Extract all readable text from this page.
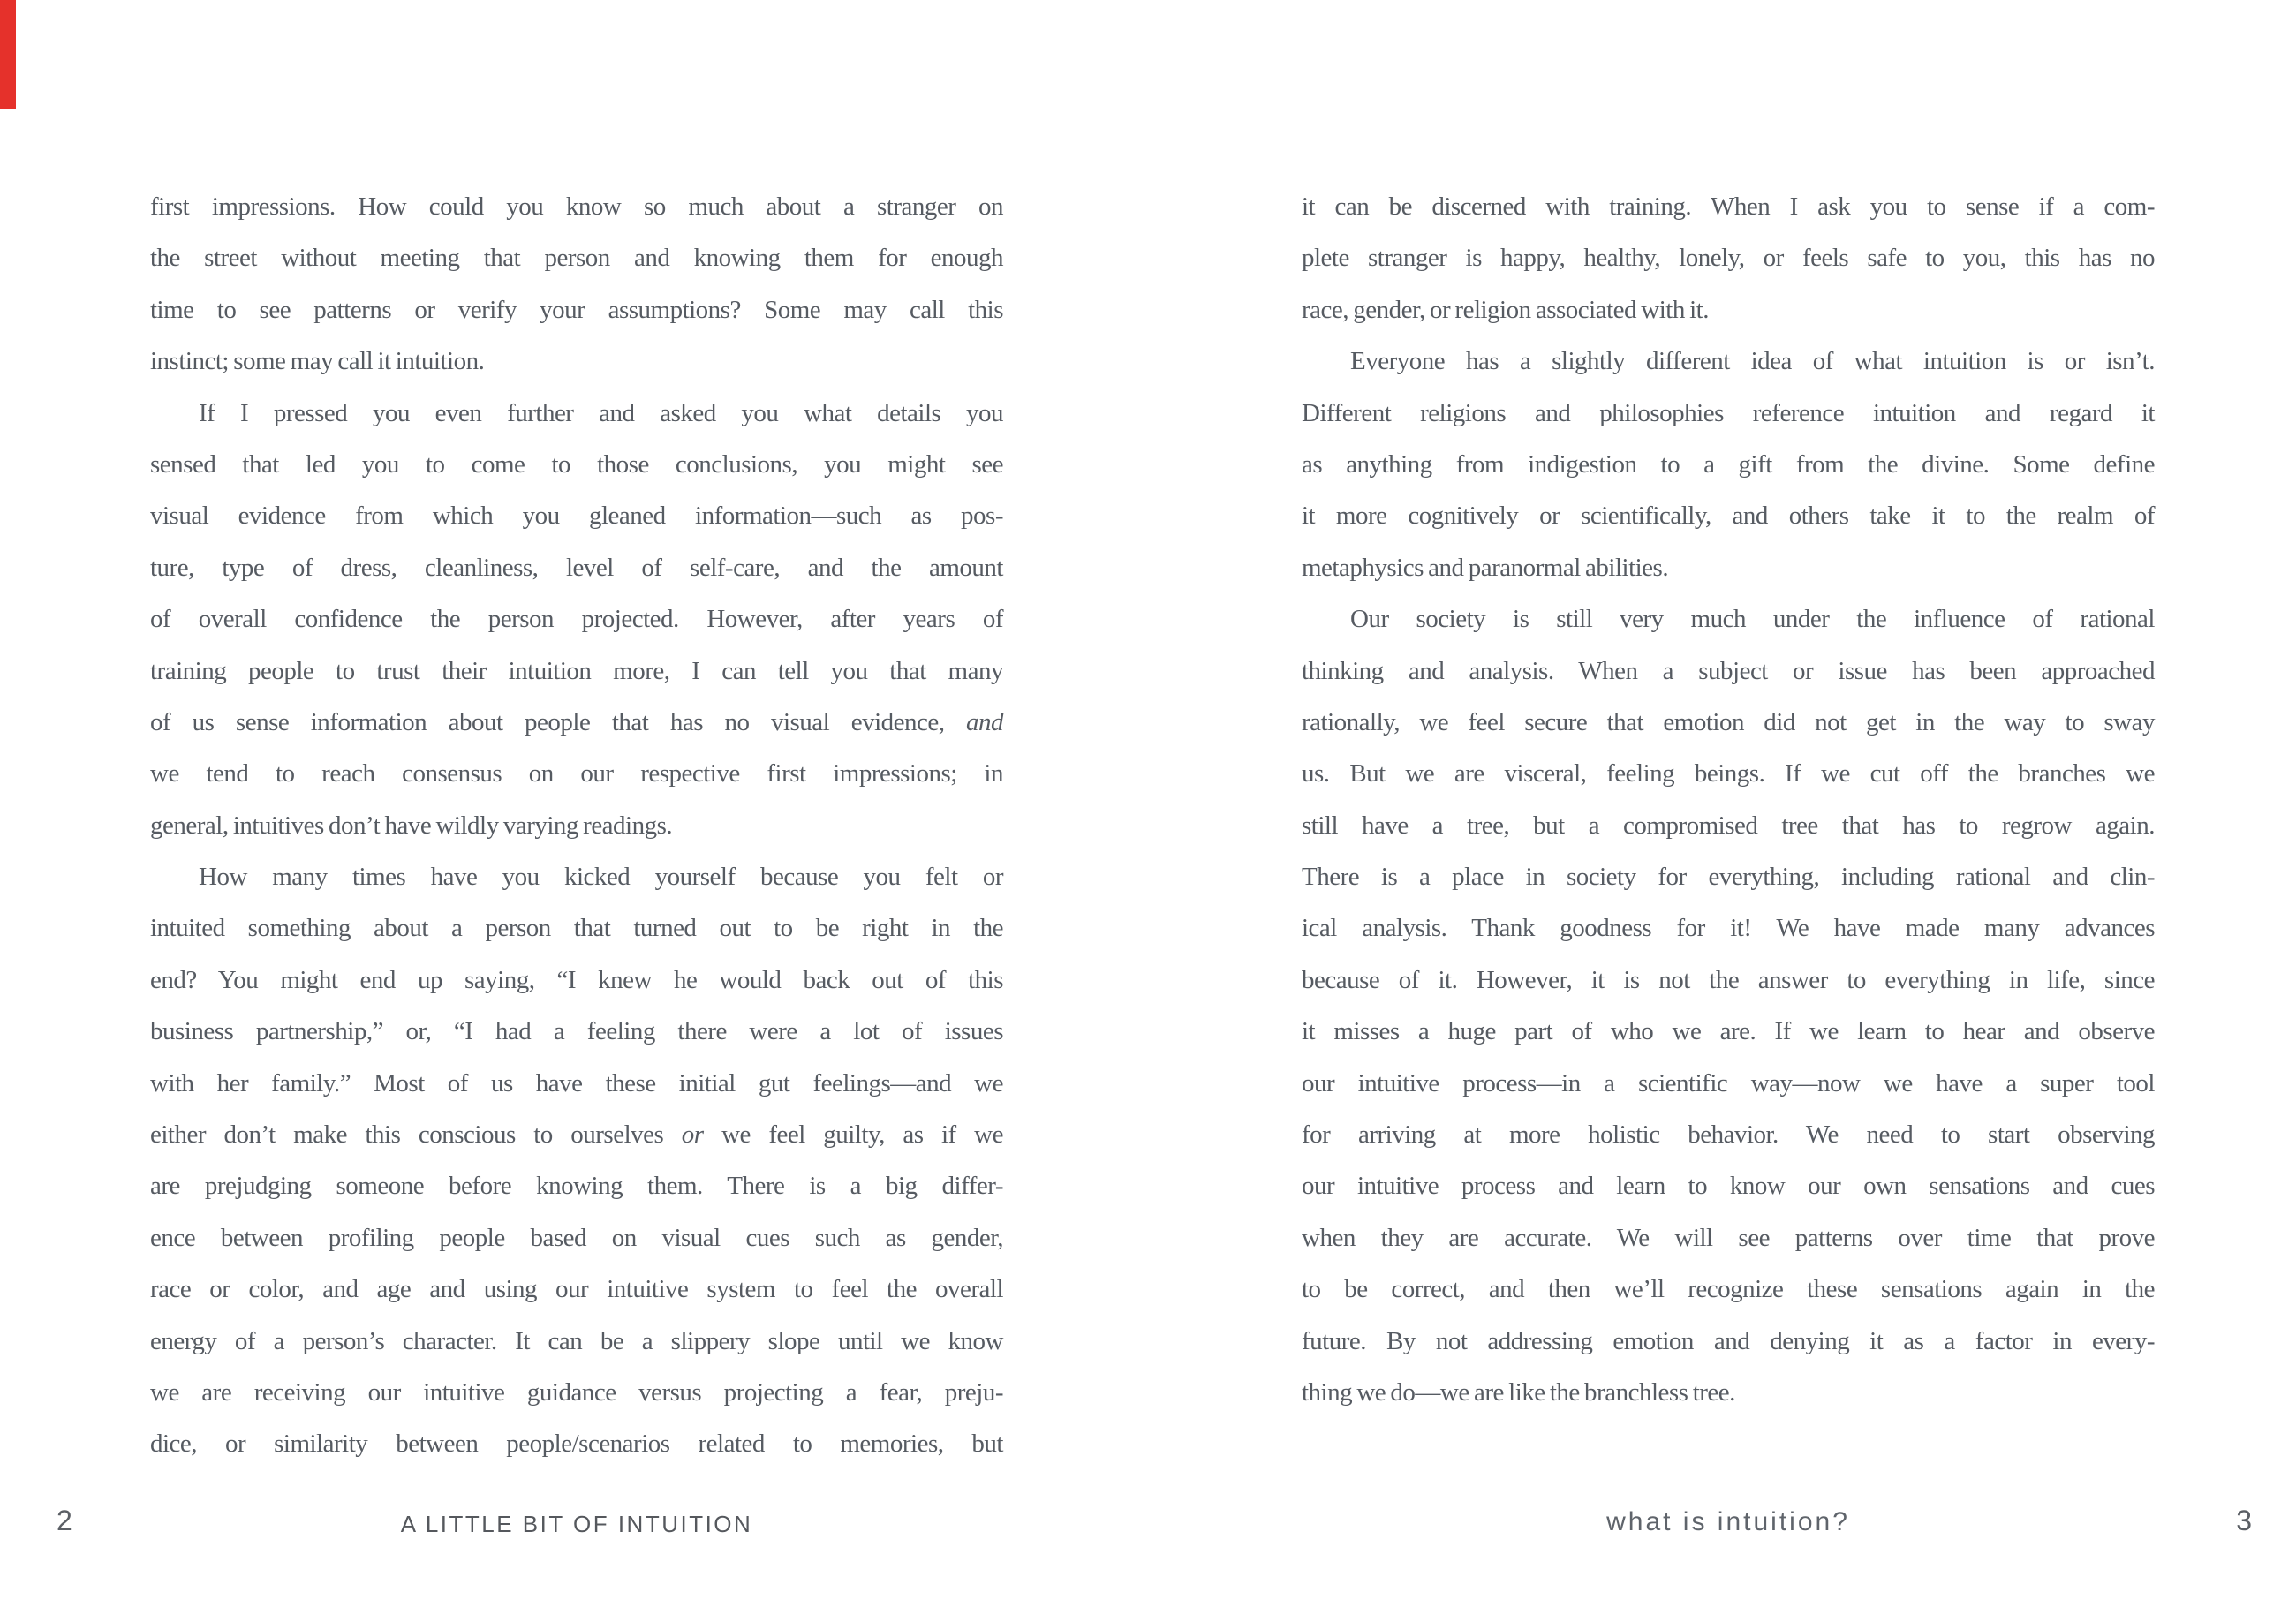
first impressions. How could you know so much about a stranger on
the street without meeting that person and knowing them for enough
time to see patterns or verify your assumptions? Some may call this
instinct; some may call it intuition.
If I pressed you even further and asked you what details you
sensed that led you to come to those conclusions, you might see
visual evidence from which you gleaned information—such as pos-
ture, type of dress, cleanliness, level of self-care, and the amount
of overall confidence the person projected. However, after years of
training people to trust their intuition more, I can tell you that many
of us sense information about people that has no visual evidence, and
we tend to reach consensus on our respective first impressions; in
general, intuitives don’t have wildly varying readings.
How many times have you kicked yourself because you felt or
intuited something about a person that turned out to be right in the
end? You might end up saying, “I knew he would back out of this
business partnership,” or, “I had a feeling there were a lot of issues
with her family.” Most of us have these initial gut feelings—and we
either don’t make this conscious to ourselves or we feel guilty, as if we
are prejudging someone before knowing them. There is a big differ-
ence between profiling people based on visual cues such as gender,
race or color, and age and using our intuitive system to feel the overall
energy of a person’s character. It can be a slippery slope until we know
we are receiving our intuitive guidance versus projecting a fear, preju-
dice, or similarity between people/scenarios related to memories, but
2	A LITTLE BIT OF INTUITION
it can be discerned with training. When I ask you to sense if a com-
plete stranger is happy, healthy, lonely, or feels safe to you, this has no
race, gender, or religion associated with it.
Everyone has a slightly different idea of what intuition is or isn’t.
Different religions and philosophies reference intuition and regard it
as anything from indigestion to a gift from the divine. Some define
it more cognitively or scientifically, and others take it to the realm of
metaphysics and paranormal abilities.
Our society is still very much under the influence of rational
thinking and analysis. When a subject or issue has been approached
rationally, we feel secure that emotion did not get in the way to sway
us. But we are visceral, feeling beings. If we cut off the branches we
still have a tree, but a compromised tree that has to regrow again.
There is a place in society for everything, including rational and clin-
ical analysis. Thank goodness for it! We have made many advances
because of it. However, it is not the answer to everything in life, since
it misses a huge part of who we are. If we learn to hear and observe
our intuitive process—in a scientific way—now we have a super tool
for arriving at more holistic behavior. We need to start observing
our intuitive process and learn to know our own sensations and cues
when they are accurate. We will see patterns over time that prove
to be correct, and then we’ll recognize these sensations again in the
future. By not addressing emotion and denying it as a factor in every-
thing we do—we are like the branchless tree.
what is intuition?	3
